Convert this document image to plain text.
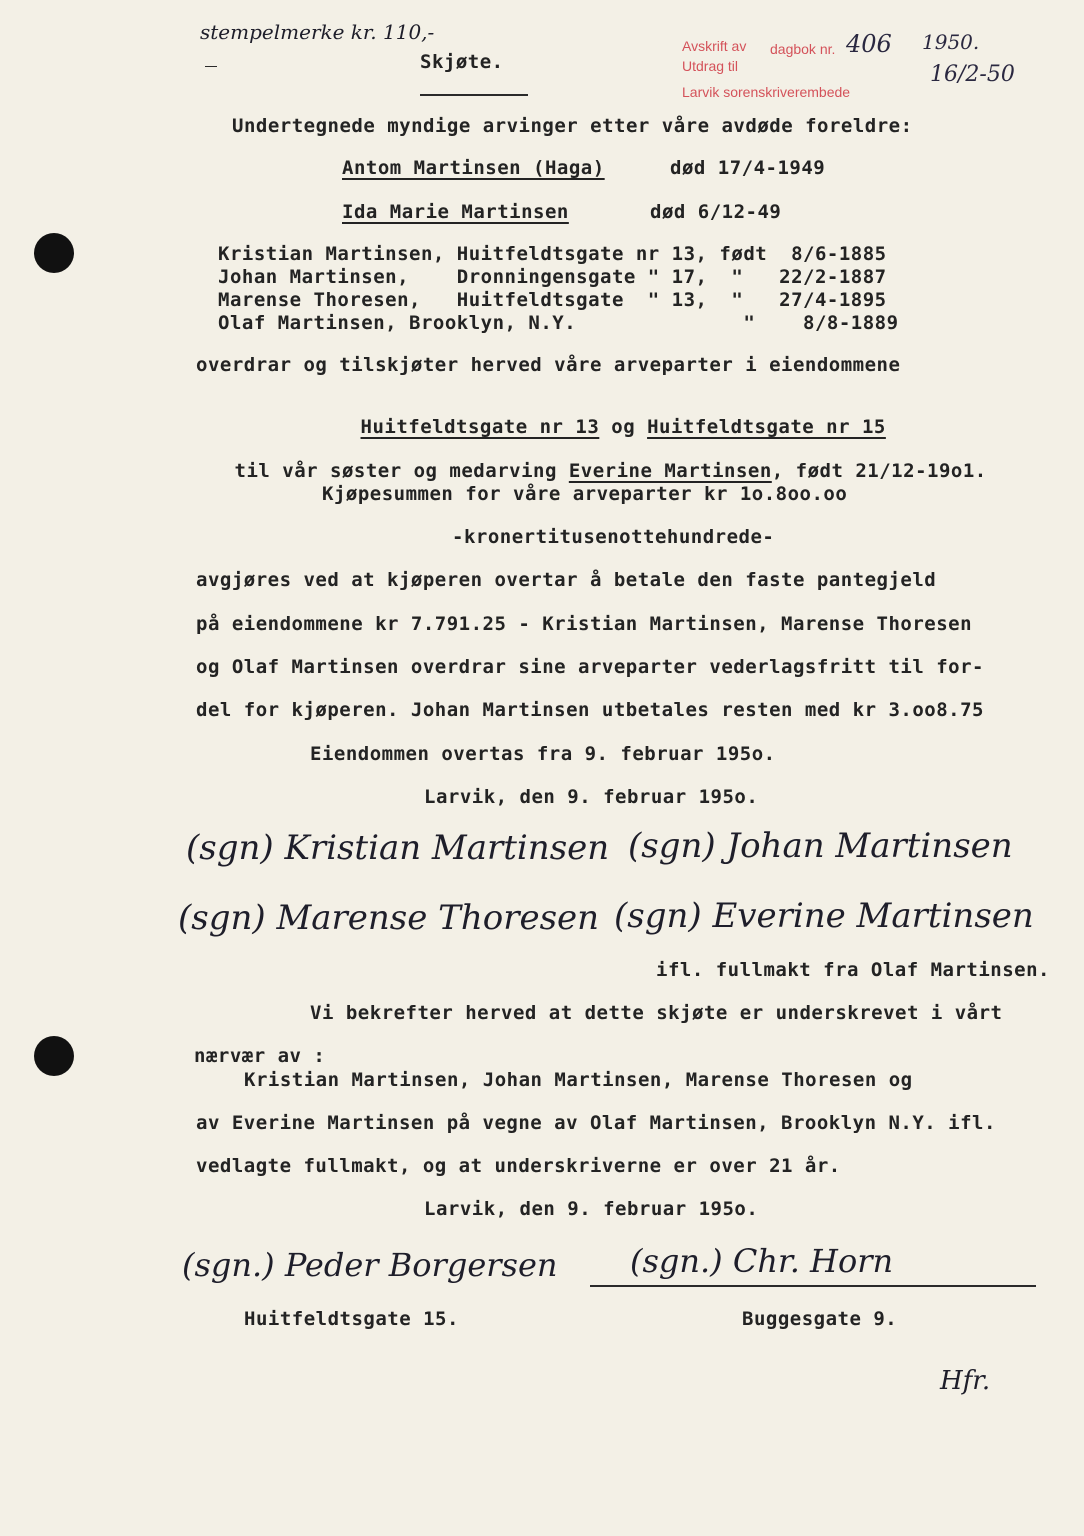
stempelmerke kr. 110,-
Skjøte.
Avskrift av dagbok nr. 406 1950.
Utdrag til
Larvik sorenskriverembede
16/2-50
Undertegnede myndige arvinger etter våre avdøde foreldre:
Antom Martinsen (Haga)	død 17/4-1949
Ida Marie Martinsen	død 6/12-49
Kristian Martinsen, Huitfeldtsgate nr 13, født  8/6-1885
Johan Martinsen,    Dronningensgate " 17,  "   22/2-1887
Marense Thoresen,   Huitfeldtsgate  " 13,  "   27/4-1895
Olaf Martinsen, Brooklyn, N.Y.              "    8/8-1889
overdrar og tilskjøter herved våre arveparter i eiendommene

Huitfeldtsgate nr 13 og Huitfeldtsgate nr 15

til vår søster og medarving Everine Martinsen, født 21/12-19o1.

Kjøpesummen for våre arveparter kr 1o.8oo.oo
-kronertitusenottehundrede-
avgjøres ved at kjøperen overtar å betale den faste pantegjeld
på eiendommene kr 7.791.25 - Kristian Martinsen, Marense Thoresen
og Olaf Martinsen overdrar sine arveparter vederlagsfritt til for-
del for kjøperen. Johan Martinsen utbetales resten med kr 3.oo8.75
Eiendommen overtas fra 9. februar 195o.
Larvik, den 9. februar 195o.
(sgn) Kristian Martinsen (sgn) Johan Martinsen
(sgn) Marense Thoresen (sgn) Everine Martinsen
ifl. fullmakt fra Olaf Martinsen.
Vi bekrefter herved at dette skjøte er underskrevet i vårt
nærvær av :
Kristian Martinsen, Johan Martinsen, Marense Thoresen og
av Everine Martinsen på vegne av Olaf Martinsen, Brooklyn N.Y. ifl.
vedlagte fullmakt, og at underskriverne er over 21 år.
Larvik, den 9. februar 195o.
(sgn.) Peder Borgersen (sgn.) Chr. Horn
Huitfeldtsgate 15.	Buggesgate 9.
Hfr.
